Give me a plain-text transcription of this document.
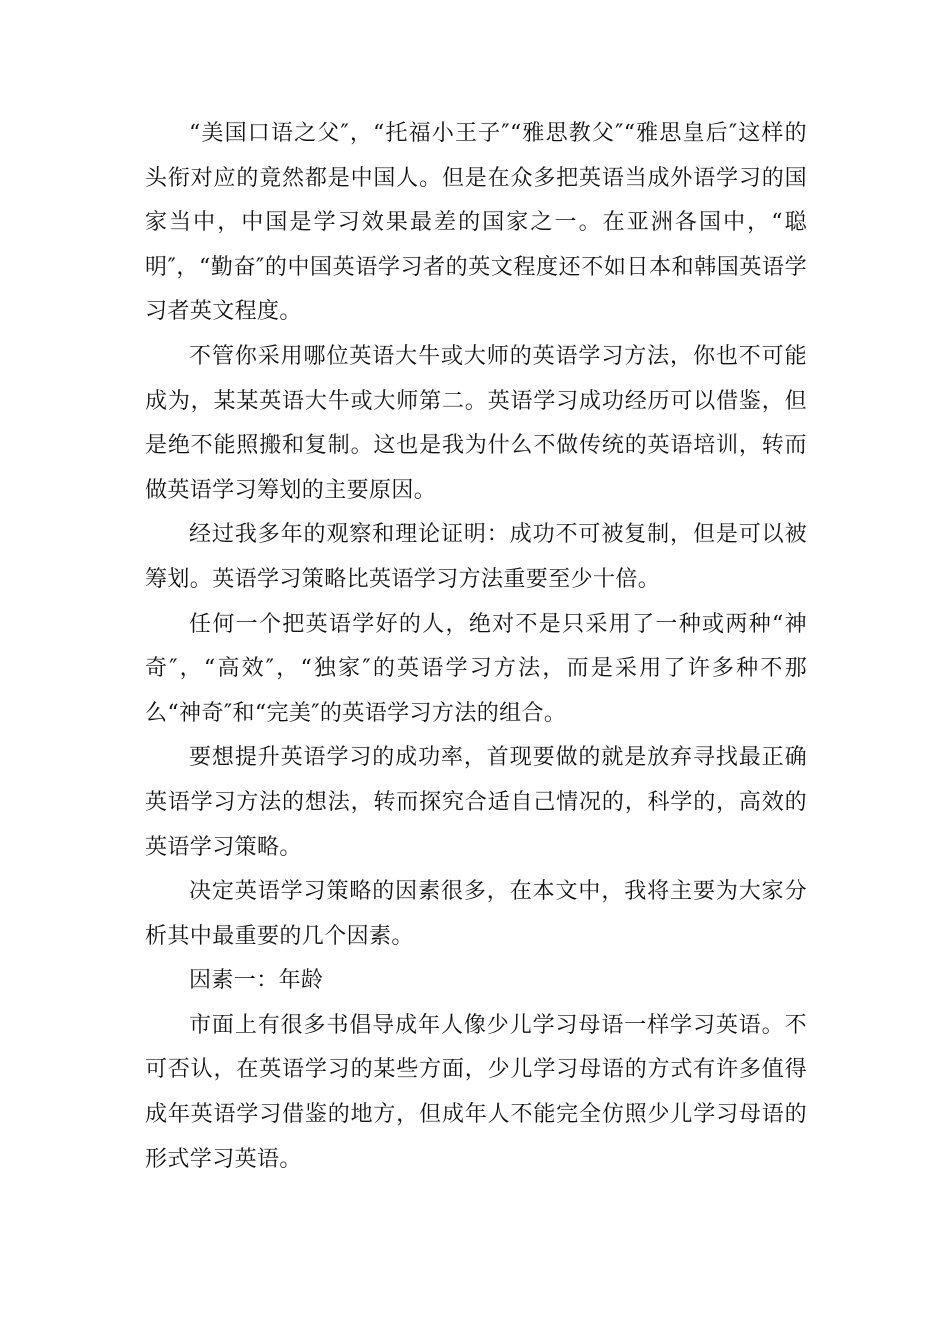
“美国口语之父″，“托福小王子″“雅思教父″“雅思皇后″这样的头衔对应的竟然都是中国人。但是在众多把英语当成外语学习的国家当中，中国是学习效果最差的国家之一。在亚洲各国中，“聪明″，“勤奋″的中国英语学习者的英文程度还不如日本和韩国英语学习者英文程度。

不管你采用哪位英语大牛或大师的英语学习方法，你也不可能成为，某某英语大牛或大师第二。英语学习成功经历可以借鉴，但是绝不能照搬和复制。这也是我为什么不做传统的英语培训，转而做英语学习筹划的主要原因。

经过我多年的观察和理论证明：成功不可被复制，但是可以被筹划。英语学习策略比英语学习方法重要至少十倍。

任何一个把英语学好的人，绝对不是只采用了一种或两种“神奇″，“高效″，“独家″的英语学习方法，而是采用了许多种不那么“神奇″和“完美″的英语学习方法的组合。

要想提升英语学习的成功率，首现要做的就是放弃寻找最正确英语学习方法的想法，转而探究合适自己情况的，科学的，高效的英语学习策略。

决定英语学习策略的因素很多，在本文中，我将主要为大家分析其中最重要的几个因素。

因素一：年龄

市面上有很多书倡导成年人像少儿学习母语一样学习英语。不可否认，在英语学习的某些方面，少儿学习母语的方式有许多值得成年英语学习借鉴的地方，但成年人不能完全仿照少儿学习母语的形式学习英语。
